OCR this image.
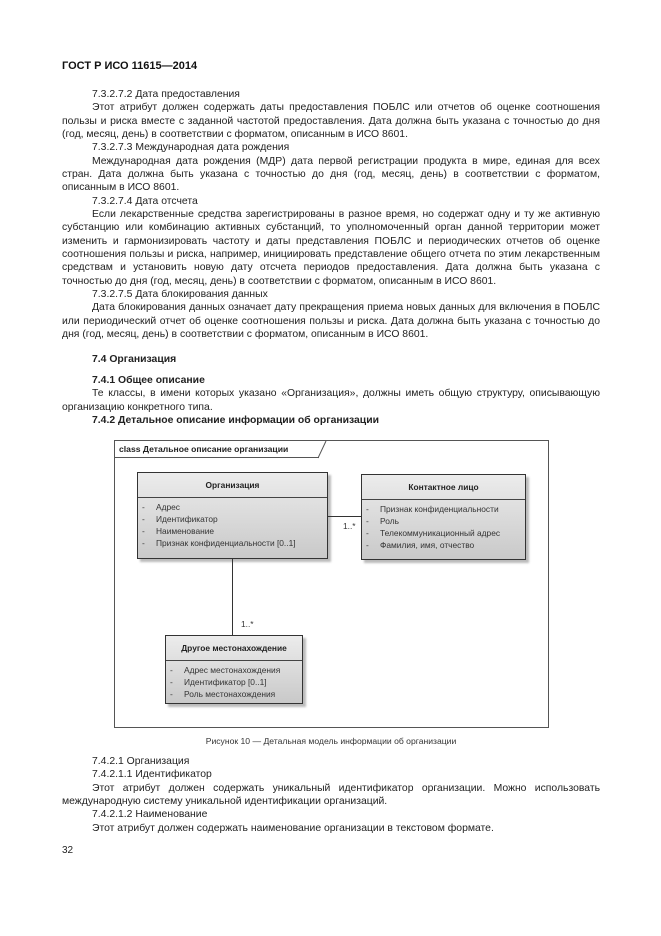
ГОСТ Р ИСО 11615—2014

7.3.2.7.2 Дата предоставления

Этот атрибут должен содержать даты предоставления ПОБЛС или отчетов об оценке соотношения пользы и риска вместе с заданной частотой предоставления. Дата должна быть указана с точностью до дня (год, месяц, день) в соответствии с форматом, описанным в ИСО 8601.

7.3.2.7.3 Международная дата рождения

Международная дата рождения (МДР) дата первой регистрации продукта в мире, единая для всех стран. Дата должна быть указана с точностью до дня (год, месяц, день) в соответствии с форматом, описанным в ИСО 8601.

7.3.2.7.4 Дата отсчета

Если лекарственные средства зарегистрированы в разное время, но содержат одну и ту же активную субстанцию или комбинацию активных субстанций, то уполномоченный орган данной территории может изменить и гармонизировать частоту и даты представления ПОБЛС и периодических отчетов об оценке соотношения пользы и риска, например, инициировать представление общего отчета по этим лекарственным средствам и установить новую дату отсчета периодов предоставления. Дата должна быть указана с точностью до дня (год, месяц, день) в соответствии с форматом, описанным в ИСО 8601.

7.3.2.7.5 Дата блокирования данных

Дата блокирования данных означает дату прекращения приема новых данных для включения в ПОБЛС или периодический отчет об оценке соотношения пользы и риска. Дата должна быть указана с точностью до дня (год, месяц, день) в соответствии с форматом, описанным в ИСО 8601.

7.4 Организация

7.4.1 Общее описание

Те классы, в имени которых указано «Организация», должны иметь общую структуру, описывающую организацию конкретного типа.

7.4.2 Детальное описание информации об организации

class Детальное описание организации
Организация
- Адрес
- Идентификатор
- Наименование
- Признак конфиденциальности [0..1]
Контактное лицо
- Признак конфиденциальности
- Роль
- Телекоммуникационный адрес
- Фамилия, имя, отчество
Другое местонахождение
- Адрес местонахождения
- Идентификатор [0..1]
- Роль местонахождения
1..*
1..*
Рисунок 10 — Детальная модель информации об организации

7.4.2.1 Организация

7.4.2.1.1 Идентификатор

Этот атрибут должен содержать уникальный идентификатор организации. Можно использовать международную систему уникальной идентификации организаций.

7.4.2.1.2 Наименование

Этот атрибут должен содержать наименование организации в текстовом формате.

32
